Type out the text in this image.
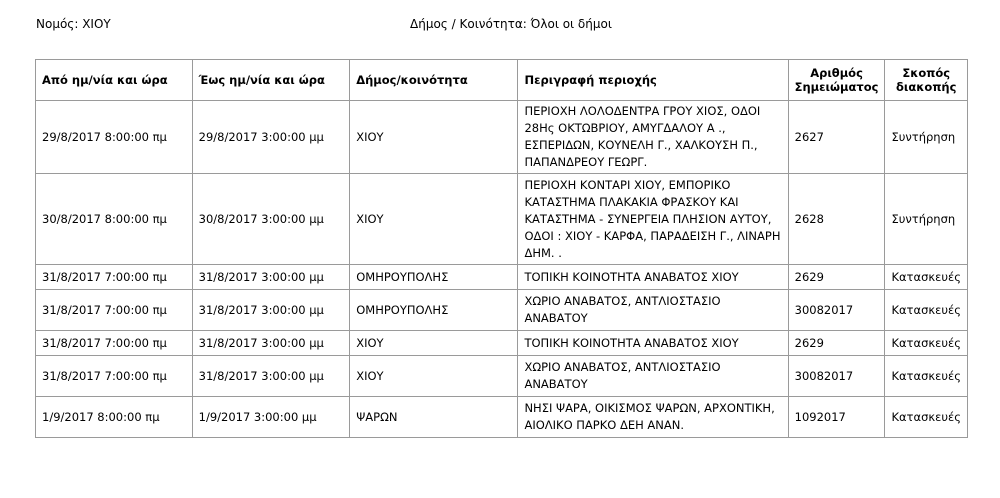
Νομός: ΧΙΟΥ	Δήμος / Κοινότητα: Όλοι οι δήμοι
Από ημ/νία και ώρα	Έως ημ/νία και ώρα	Δήμος/κοινότητα	Περιγραφή περιοχής	Αριθμός Σημειώματος	Σκοπός διακοπής
29/8/2017 8:00:00 πμ	29/8/2017 3:00:00 μμ	ΧΙΟΥ	ΠΕΡΙΟΧΗ ΛΟΛΟΔΕΝΤΡΑ ΓΡΟΥ ΧΙΟΣ, ΟΔΟΙ 28Ης ΟΚΤΩΒΡΙΟΥ, ΑΜΥΓΔΑΛΟΥ Α ., ΕΣΠΕΡΙΔΩΝ, ΚΟΥΝΕΛΗ Γ., ΧΑΛΚΟΥΣΗ Π., ΠΑΠΑΝΔΡΕΟΥ ΓΕΩΡΓ.	2627	Συντήρηση
30/8/2017 8:00:00 πμ	30/8/2017 3:00:00 μμ	ΧΙΟΥ	ΠΕΡΙΟΧΗ ΚΟΝΤΑΡΙ ΧΙΟΥ, ΕΜΠΟΡΙΚΟ ΚΑΤΑΣΤΗΜΑ ΠΛΑΚΑΚΙΑ ΦΡΑΣΚΟΥ ΚΑΙ ΚΑΤΑΣΤΗΜΑ - ΣΥΝΕΡΓΕΙΑ ΠΛΗΣΙΟΝ ΑΥΤΟΥ, ΟΔΟΙ : ΧΙΟΥ - ΚΑΡΦΑ, ΠΑΡΑΔΕΙΣΗ Γ., ΛΙΝΑΡΗ ΔΗΜ. .	2628	Συντήρηση
31/8/2017 7:00:00 πμ	31/8/2017 3:00:00 μμ	ΟΜΗΡΟΥΠΟΛΗΣ	ΤΟΠΙΚΗ ΚΟΙΝΟΤΗΤΑ ΑΝΑΒΑΤΟΣ ΧΙΟΥ	2629	Κατασκευές
31/8/2017 7:00:00 πμ	31/8/2017 3:00:00 μμ	ΟΜΗΡΟΥΠΟΛΗΣ	ΧΩΡΙΟ ΑΝΑΒΑΤΟΣ, ΑΝΤΛΙΟΣΤΑΣΙΟ ΑΝΑΒΑΤΟΥ	30082017	Κατασκευές
31/8/2017 7:00:00 πμ	31/8/2017 3:00:00 μμ	ΧΙΟΥ	ΤΟΠΙΚΗ ΚΟΙΝΟΤΗΤΑ ΑΝΑΒΑΤΟΣ ΧΙΟΥ	2629	Κατασκευές
31/8/2017 7:00:00 πμ	31/8/2017 3:00:00 μμ	ΧΙΟΥ	ΧΩΡΙΟ ΑΝΑΒΑΤΟΣ, ΑΝΤΛΙΟΣΤΑΣΙΟ ΑΝΑΒΑΤΟΥ	30082017	Κατασκευές
1/9/2017 8:00:00 πμ	1/9/2017 3:00:00 μμ	ΨΑΡΩΝ	ΝΗΣΙ ΨΑΡΑ, ΟΙΚΙΣΜΟΣ ΨΑΡΩΝ, ΑΡΧΟΝΤΙΚΗ, ΑΙΟΛΙΚΟ ΠΑΡΚΟ ΔΕΗ ΑΝΑΝ.	1092017	Κατασκευές
